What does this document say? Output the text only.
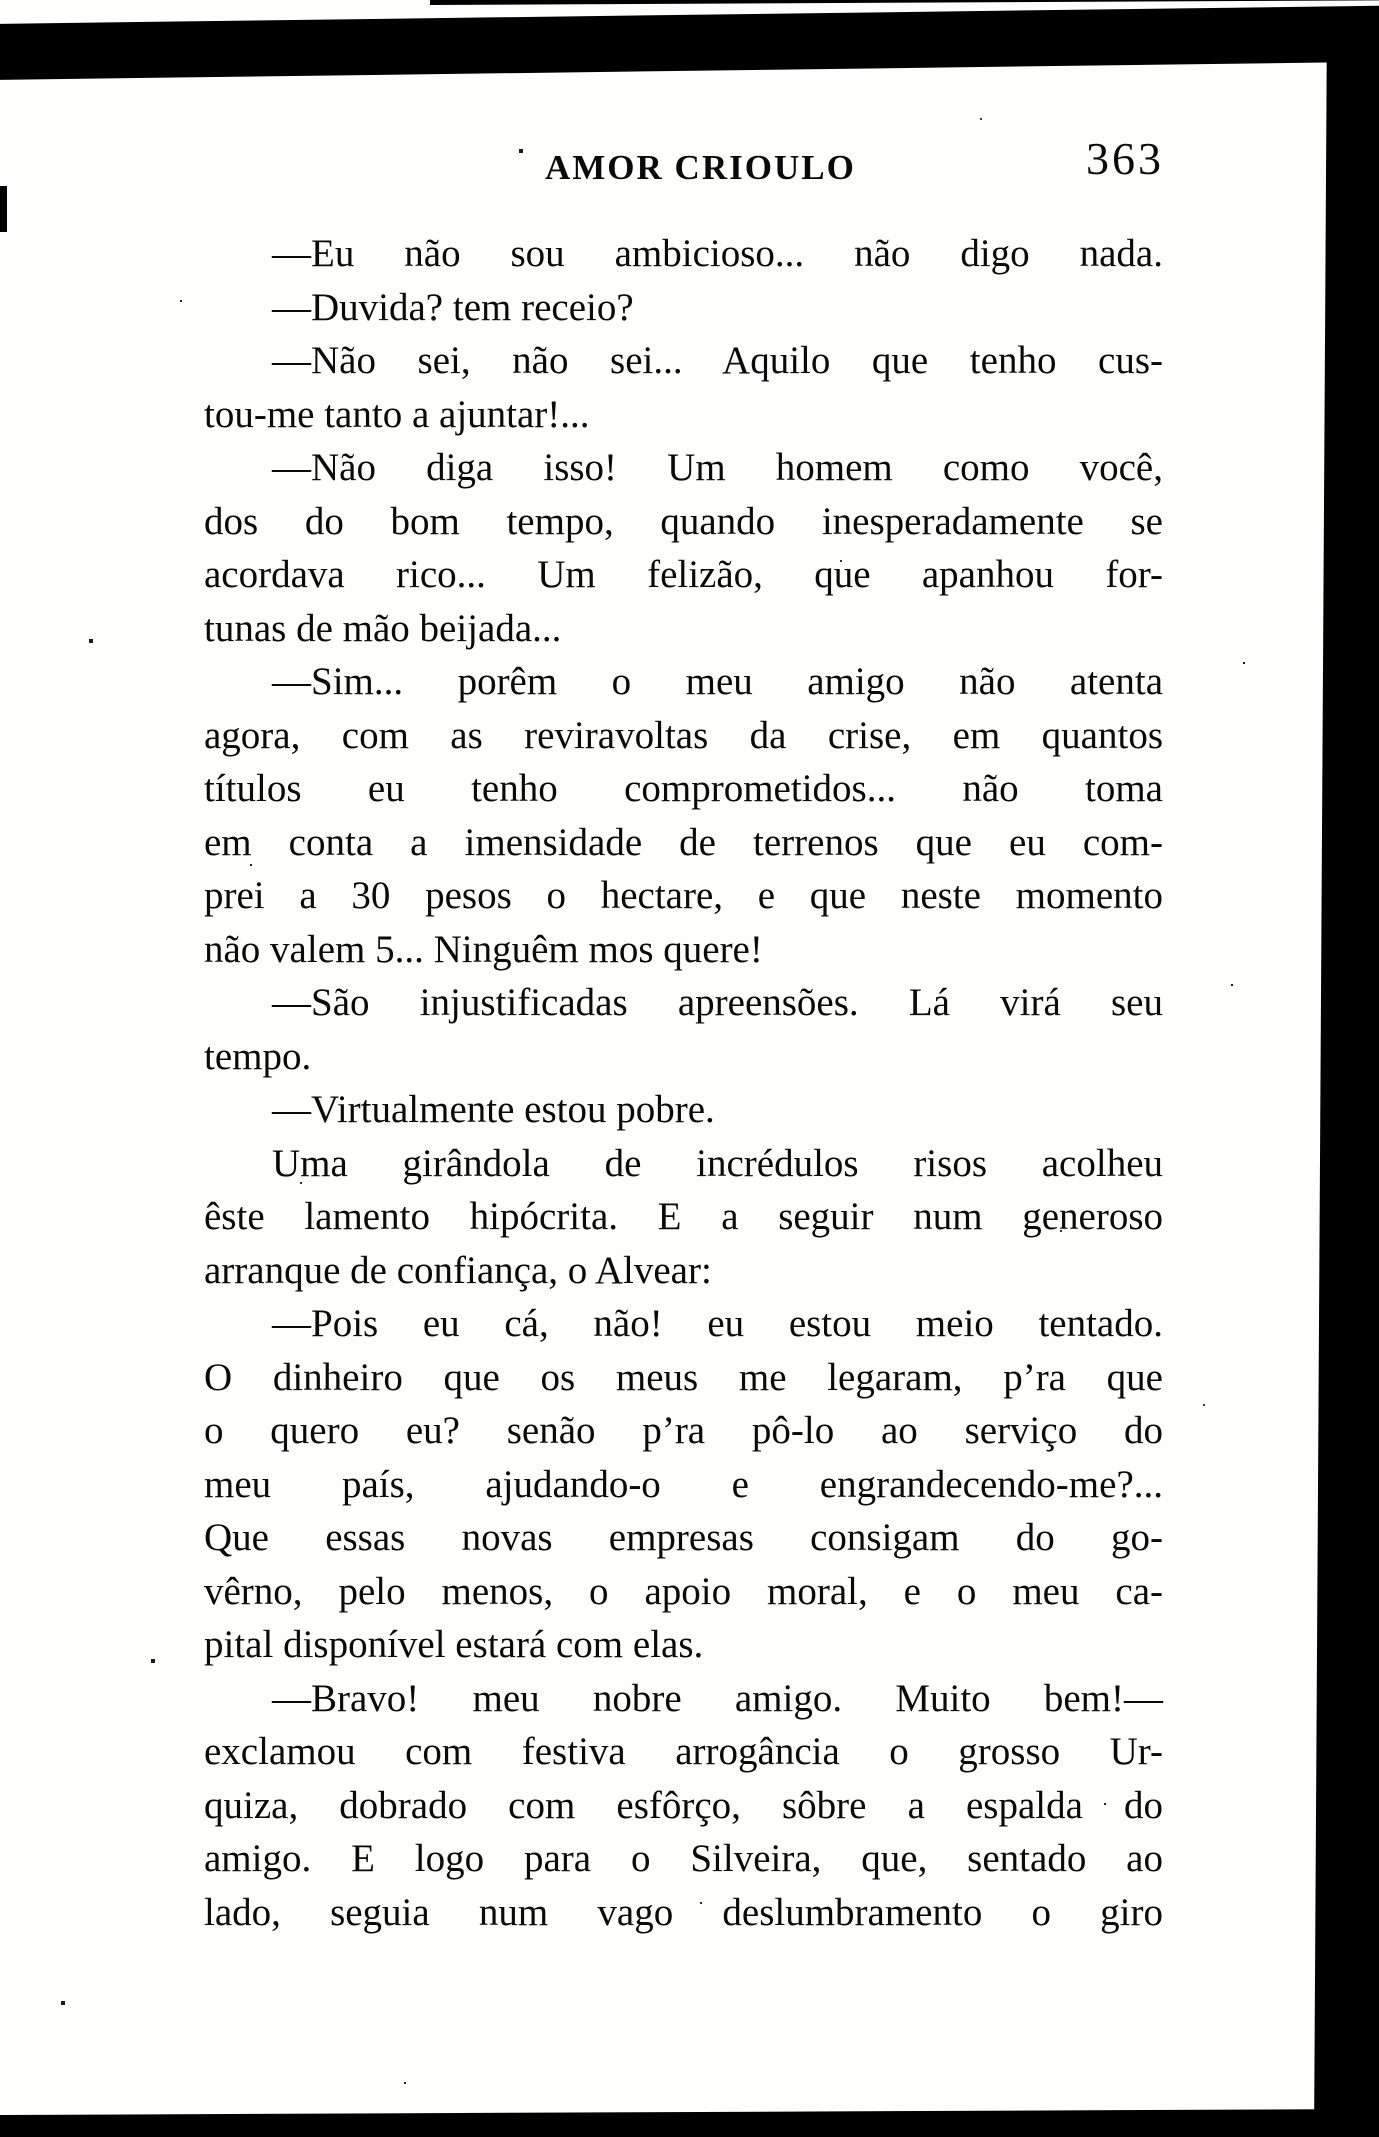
AMOR CRIOULO	363
—Eu não sou ambicioso... não digo nada.
—Duvida? tem receio?
—Não sei, não sei... Aquilo que tenho cus-
tou-me tanto a ajuntar!...
—Não diga isso! Um homem como você,
dos do bom tempo, quando inesperadamente se
acordava rico... Um felizão, que apanhou for-
tunas de mão beijada...
—Sim... porêm o meu amigo não atenta
agora, com as reviravoltas da crise, em quantos
títulos eu tenho comprometidos... não toma
em conta a imensidade de terrenos que eu com-
prei a 30 pesos o hectare, e que neste momento
não valem 5... Ninguêm mos quere!
—São injustificadas apreensões. Lá virá seu
tempo.
—Virtualmente estou pobre.
Uma girândola de incrédulos risos acolheu
êste lamento hipócrita. E a seguir num generoso
arranque de confiança, o Alvear:
—Pois eu cá, não! eu estou meio tentado.
O dinheiro que os meus me legaram, p’ra que
o quero eu? senão p’ra pô-lo ao serviço do
meu país, ajudando-o e engrandecendo-me?...
Que essas novas empresas consigam do go-
vêrno, pelo menos, o apoio moral, e o meu ca-
pital disponível estará com elas.
—Bravo! meu nobre amigo. Muito bem!—
exclamou com festiva arrogância o grosso Ur-
quiza, dobrado com esfôrço, sôbre a espalda do
amigo. E logo para o Silveira, que, sentado ao
lado, seguia num vago deslumbramento o giro
